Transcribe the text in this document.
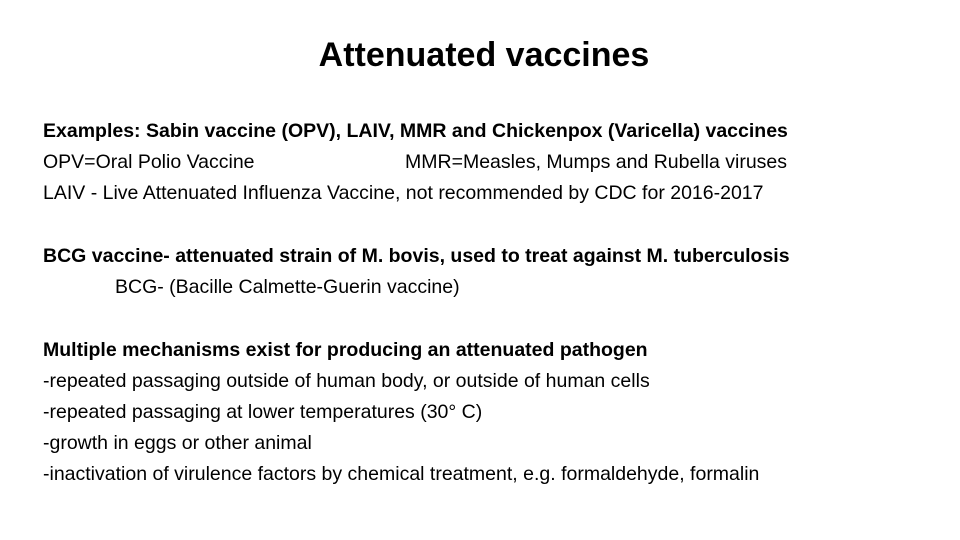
Attenuated vaccines
Examples: Sabin vaccine (OPV), LAIV, MMR and Chickenpox (Varicella) vaccines
OPV=Oral Polio Vaccine	MMR=Measles, Mumps and Rubella viruses
LAIV - Live Attenuated Influenza Vaccine, not recommended by CDC for 2016-2017
BCG vaccine- attenuated strain of M. bovis, used to treat against M. tuberculosis
BCG- (Bacille Calmette-Guerin vaccine)
Multiple mechanisms exist for producing an attenuated pathogen
-repeated passaging outside of human body, or outside of human cells
-repeated passaging at lower temperatures (30° C)
-growth in eggs or other animal
-inactivation of virulence factors by chemical treatment, e.g. formaldehyde, formalin
